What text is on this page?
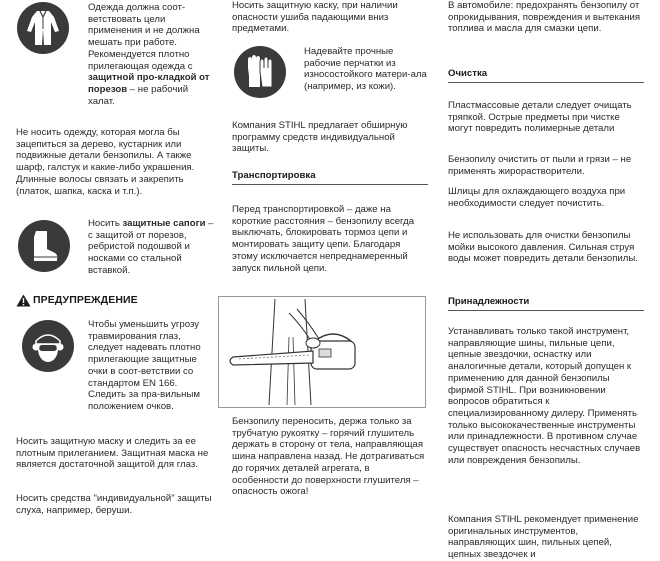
Одежда должна соот-ветствовать цели применения и не должна мешать при работе. Рекомендуется плотно прилегающая одежда с защитной про-кладкой от порезов – не рабочий халат.

Не носить одежду, которая могла бы зацепиться за дерево, кустарник или подвижные детали бензопилы. А также шарф, галстук и какие-либо украшения. Длинные волосы связать и закрепить (платок, шапка, каска и т.п.).

Носить защитные сапоги – с защитой от порезов, ребристой подошвой и носками со стальной вставкой.

ПРЕДУПРЕЖДЕНИЕ

Чтобы уменьшить угрозу травмирования глаз, следует надевать плотно прилегающие защитные очки в соот-ветствии со стандартом EN 166. Следить за пра-вильным положением очков.

Носить защитную маску и следить за ее плотным прилеганием. Защитная маска не является достаточной защитой для глаз.

Носить средства "индивидуальной" защиты слуха, например, беруши.

Носить защитную каску, при наличии опасности ушиба падающими вниз предметами.

Надевайте прочные рабочие перчатки из износостойкого матери-ала (например, из кожи).

Компания STIHL предлагает обширную программу средств индивидуальной защиты.

Транспортировка

Перед транспортировкой – даже на короткие расстояния – бензопилу всегда выключать, блокировать тормоз цепи и монтировать защиту цепи. Благодаря этому исключается непреднамеренный запуск пильной цепи.

Бензопилу переносить, держа только за трубчатую рукоятку – горячий глушитель держать в сторону от тела, направляющая шина направлена назад. Не дотрагиваться до горячих деталей агрегата, в особенности до поверхности глушителя – опасность ожога!

В автомобиле: предохранять бензопилу от опрокидывания, повреждения и вытекания топлива и масла для смазки цепи.

Очистка

Пластмассовые детали следует очищать тряпкой. Острые предметы при чистке могут повредить полимерные детали

Бензопилу очистить от пыли и грязи – не применять жирорастворители.

Шлицы для охлаждающего воздуха при необходимости следует почистить.

Не использовать для очистки бензопилы мойки высокого давления. Сильная струя воды может повредить детали бензопилы.

Принадлежности

Устанавливать только такой инструмент, направляющие шины, пильные цепи, цепные звездочки, оснастку или аналогичные детали, который допущен к применению для данной бензопилы фирмой STIHL. При возникновении вопросов обратиться к специализированному дилеру. Применять только высококачественные инструменты или принадлежности. В противном случае существует опасность несчастных случаев или повреждения бензопилы.

Компания STIHL рекомендует применение оригинальных инструментов, направляющих шин, пильных цепей, цепных звездочек и
